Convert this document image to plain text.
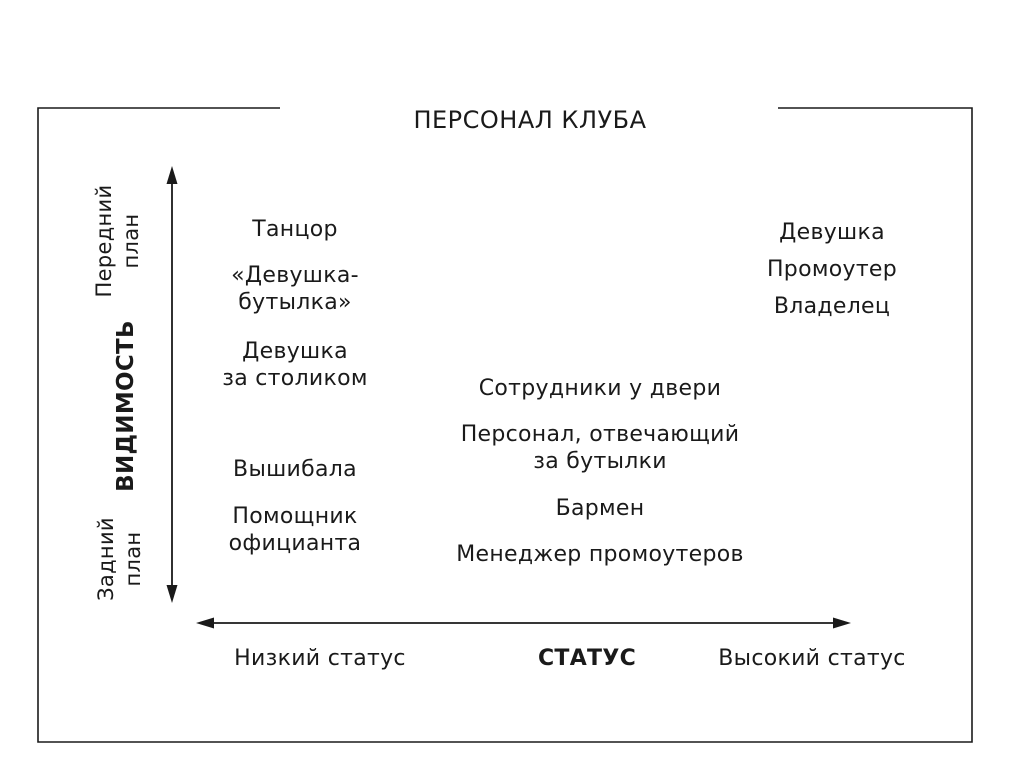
ПЕРСОНАЛ КЛУБА
Передний план
ВИДИМОСТЬ
Задний план
Низкий статус	СТАТУС	Высокий статус
Танцор
«Девушка-
бутылка»
Девушка
за столиком
Вышибала
Помощник
официанта
Сотрудники у двери
Персонал, отвечающий
за бутылки
Бармен
Менеджер промоутеров
Девушка
Промоутер
Владелец
